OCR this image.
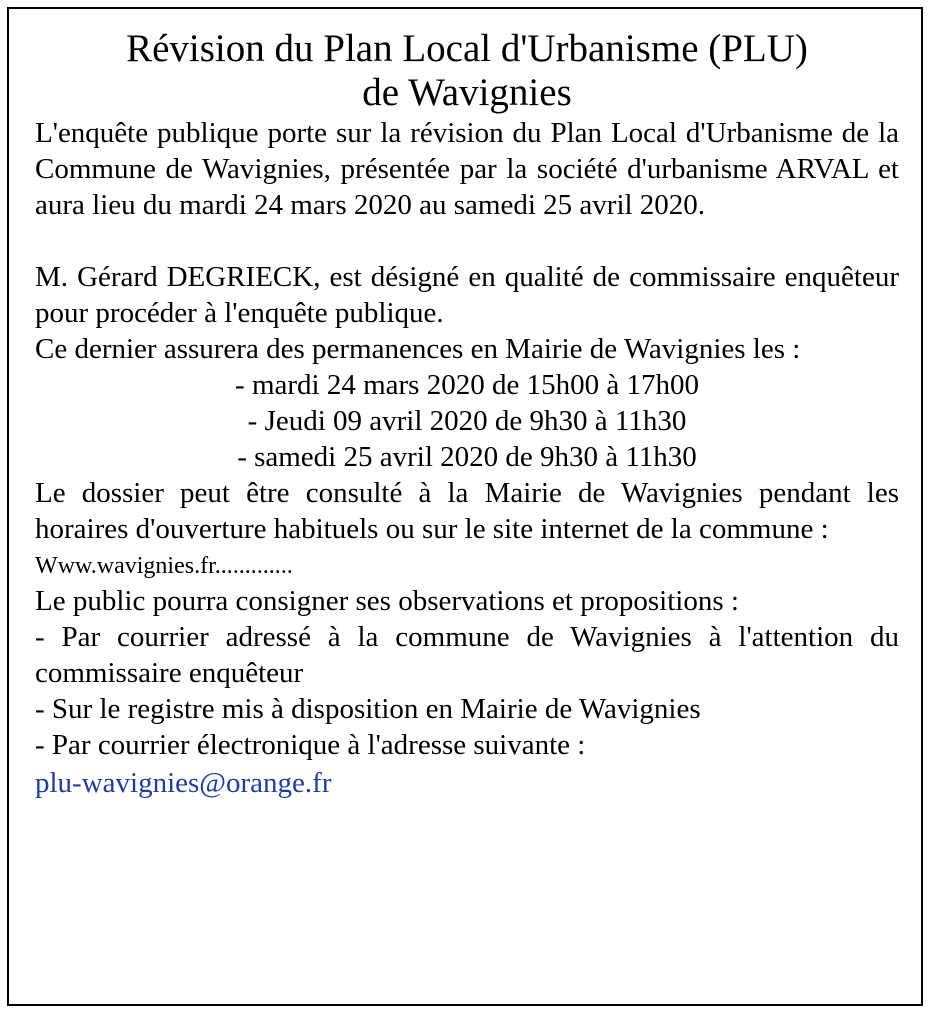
Révision du Plan Local d'Urbanisme (PLU)
de Wavignies

L'enquête publique porte sur la révision du Plan Local d'Urbanisme de la Commune de Wavignies, présentée par la société d'urbanisme ARVAL et aura lieu du mardi 24 mars 2020 au samedi 25 avril 2020.

M. Gérard DEGRIECK, est désigné en qualité de commissaire enquêteur pour procéder à l'enquête publique.

Ce dernier assurera des permanences en Mairie de Wavignies les :

- mardi 24 mars 2020 de 15h00 à 17h00
- Jeudi 09 avril 2020 de 9h30 à 11h30
- samedi 25 avril 2020 de 9h30 à 11h30

Le dossier peut être consulté à la Mairie de Wavignies pendant les horaires d'ouverture habituels ou sur le site internet de la commune :

Www.wavignies.fr.............

Le public pourra consigner ses observations et propositions :

- Par courrier adressé à la commune de Wavignies à l'attention du commissaire enquêteur

- Sur le registre mis à disposition en Mairie de Wavignies

- Par courrier électronique à l'adresse suivante :

plu-wavignies@orange.fr
